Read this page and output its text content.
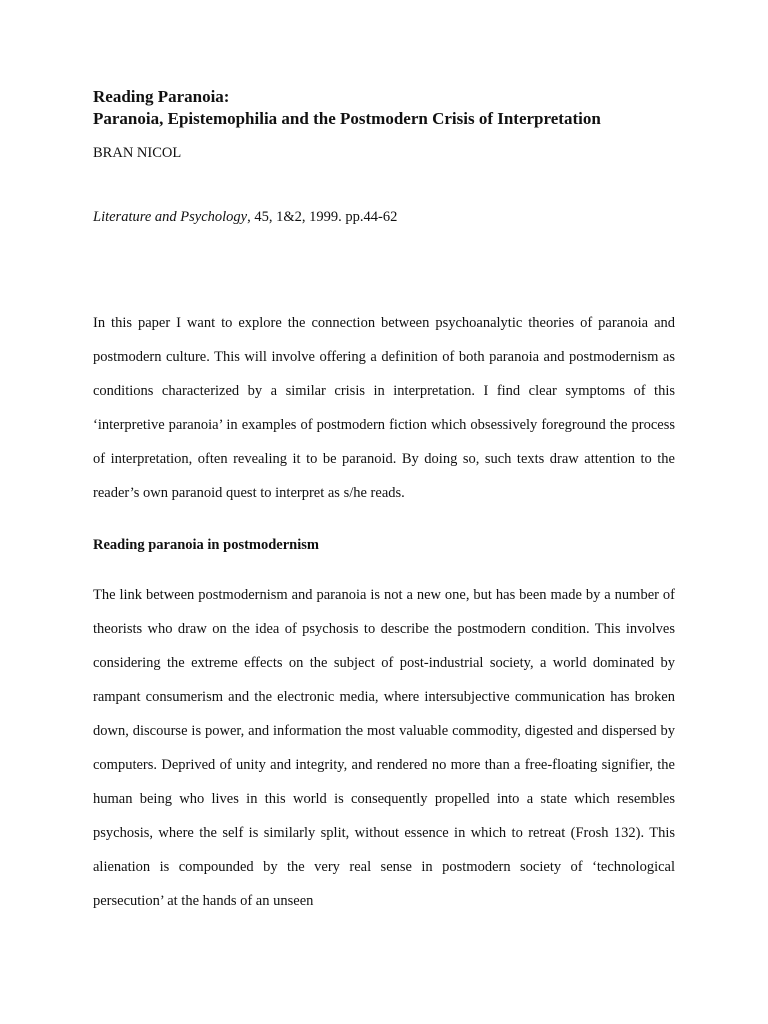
Reading Paranoia:
Paranoia, Epistemophilia and the Postmodern Crisis of Interpretation
BRAN NICOL
Literature and Psychology, 45, 1&2, 1999. pp.44-62

In this paper I want to explore the connection between psychoanalytic theories of paranoia and postmodern culture. This will involve offering a definition of both paranoia and postmodernism as conditions characterized by a similar crisis in interpretation. I find clear symptoms of this ‘interpretive paranoia’ in examples of postmodern fiction which obsessively foreground the process of interpretation, often revealing it to be paranoid. By doing so, such texts draw attention to the reader’s own paranoid quest to interpret as s/he reads.

Reading paranoia in postmodernism

The link between postmodernism and paranoia is not a new one, but has been made by a number of theorists who draw on the idea of psychosis to describe the postmodern condition. This involves considering the extreme effects on the subject of post-industrial society, a world dominated by rampant consumerism and the electronic media, where intersubjective communication has broken down, discourse is power, and information the most valuable commodity, digested and dispersed by computers. Deprived of unity and integrity, and rendered no more than a free-floating signifier, the human being who lives in this world is consequently propelled into a state which resembles psychosis, where the self is similarly split, without essence in which to retreat (Frosh 132). This alienation is compounded by the very real sense in postmodern society of ‘technological persecution’ at the hands of an unseen
